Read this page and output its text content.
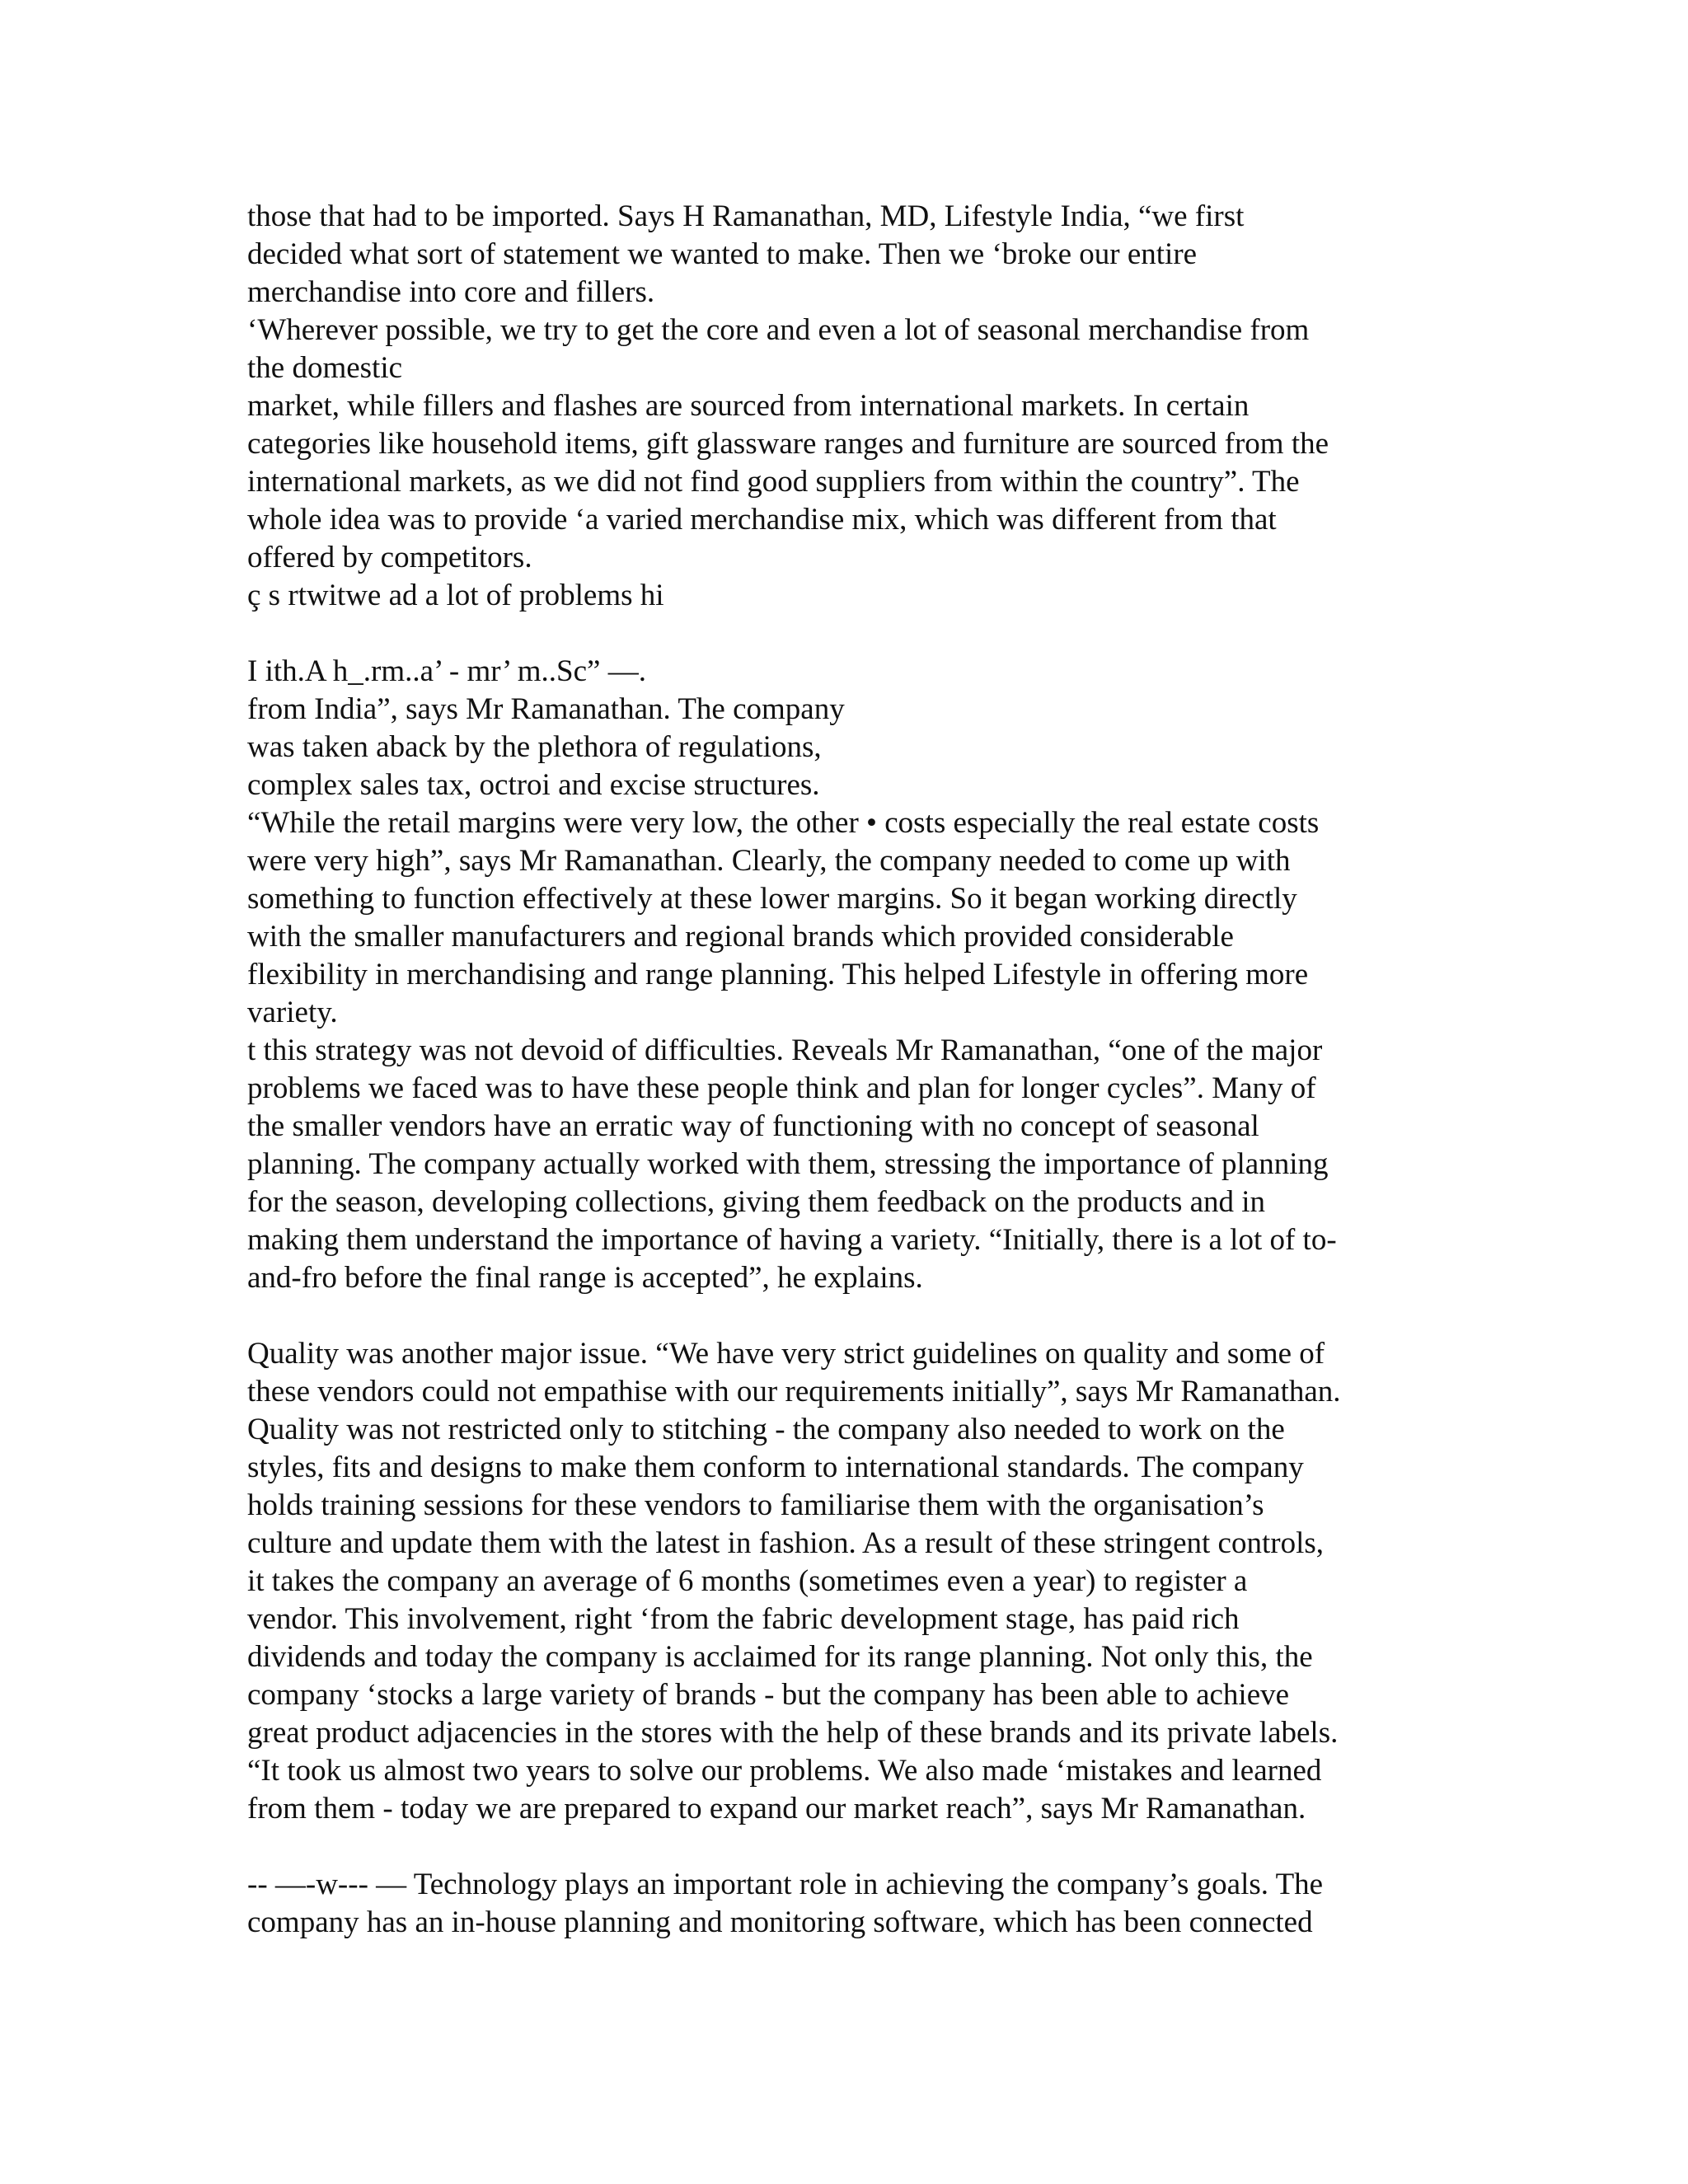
those that had to be imported. Says H Ramanathan, MD, Lifestyle India, “we first
decided what sort of statement we wanted to make. Then we ‘broke our entire
merchandise into core and fillers.
‘Wherever possible, we try to get the core and even a lot of seasonal merchandise from
the domestic
market, while fillers and flashes are sourced from international markets. In certain
categories like household items, gift glassware ranges and furniture are sourced from the
international markets, as we did not find good suppliers from within the country”. The
whole idea was to provide ‘a varied merchandise mix, which was different from that
offered by competitors.
ç s rtwitwe ad a lot of problems hi
I ith.A h_.rm..a’ - mr’ m..Sc” —.
from India”, says Mr Ramanathan. The company
was taken aback by the plethora of regulations,
complex sales tax, octroi and excise structures.
“While the retail margins were very low, the other • costs especially the real estate costs
were very high”, says Mr Ramanathan. Clearly, the company needed to come up with
something to function effectively at these lower margins. So it began working directly
with the smaller manufacturers and regional brands which provided considerable
flexibility in merchandising and range planning. This helped Lifestyle in offering more
variety.
t this strategy was not devoid of difficulties. Reveals Mr Ramanathan, “one of the major
problems we faced was to have these people think and plan for longer cycles”. Many of
the smaller vendors have an erratic way of functioning with no concept of seasonal
planning. The company actually worked with them, stressing the importance of planning
for the season, developing collections, giving them feedback on the products and in
making them understand the importance of having a variety. “Initially, there is a lot of to-
and-fro before the final range is accepted”, he explains.
Quality was another major issue. “We have very strict guidelines on quality and some of
these vendors could not empathise with our requirements initially”, says Mr Ramanathan.
Quality was not restricted only to stitching - the company also needed to work on the
styles, fits and designs to make them conform to international standards. The company
holds training sessions for these vendors to familiarise them with the organisation’s
culture and update them with the latest in fashion. As a result of these stringent controls,
it takes the company an average of 6 months (sometimes even a year) to register a
vendor. This involvement, right ‘from the fabric development stage, has paid rich
dividends and today the company is acclaimed for its range planning. Not only this, the
company ‘stocks a large variety of brands - but the company has been able to achieve
great product adjacencies in the stores with the help of these brands and its private labels.
“It took us almost two years to solve our problems. We also made ‘mistakes and learned
from them - today we are prepared to expand our market reach”, says Mr Ramanathan.
-- —-w--- — Technology plays an important role in achieving the company’s goals. The
company has an in-house planning and monitoring software, which has been connected
